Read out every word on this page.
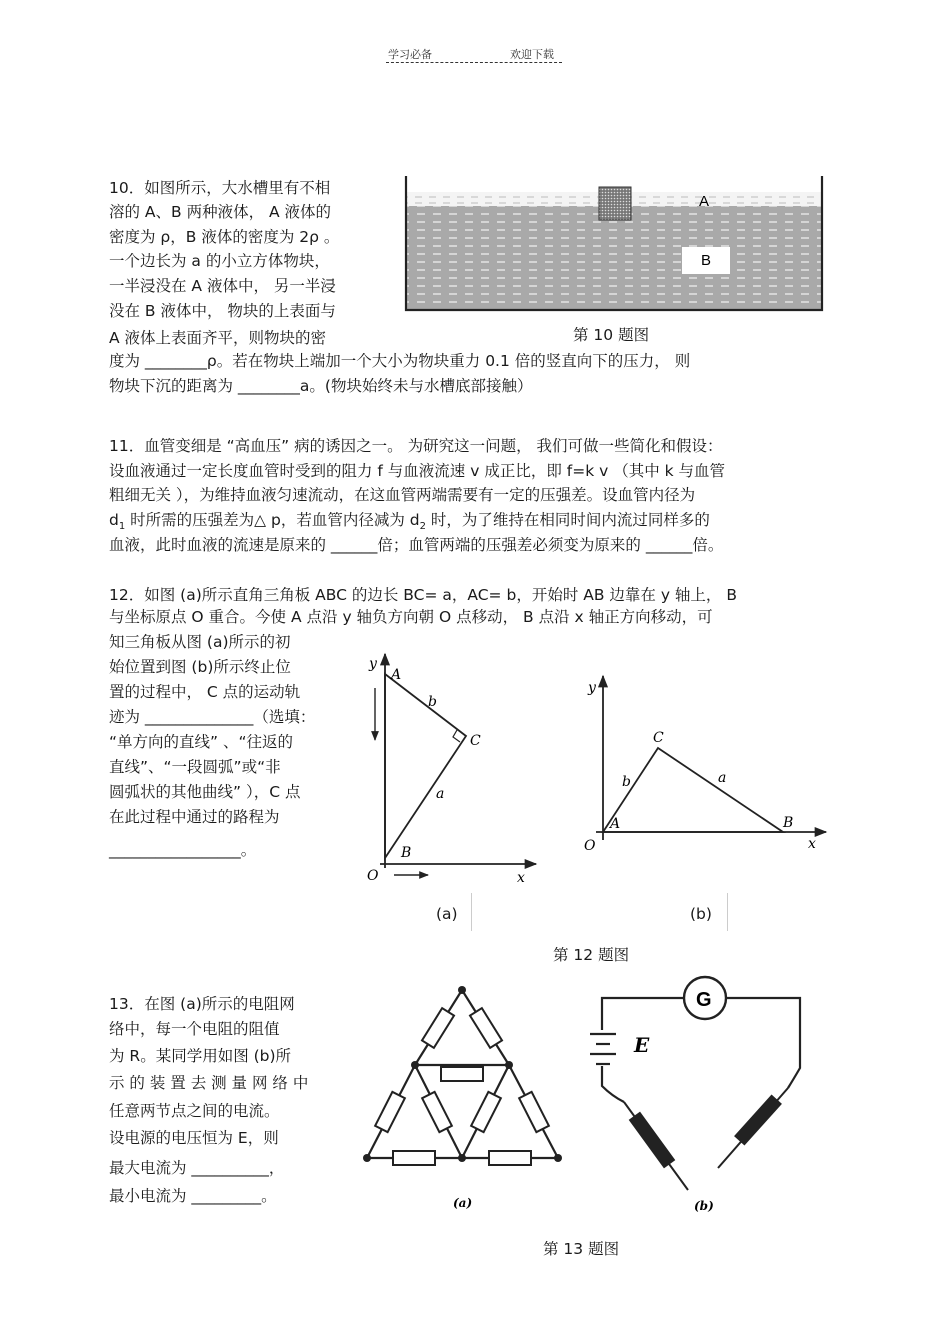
学习必备	欢迎下载
10．如图所示，大水槽里有不相
溶的 A、B 两种液体， A 液体的
密度为 ρ，B 液体的密度为 2ρ 。
一个边长为 a 的小立方体物块，
一半浸没在 A 液体中， 另一半浸
没在 B 液体中， 物块的上表面与
A 液体上表面齐平，则物块的密
度为 ________ρ。若在物块上端加一个大小为物块重力 0.1 倍的竖直向下的压力， 则
物块下沉的距离为 ________a。(物块始终未与水槽底部接触）
A
B
第 10 题图
11．血管变细是 “高血压” 病的诱因之一。 为研究这一问题， 我们可做一些简化和假设：
设血液通过一定长度血管时受到的阻力 f 与血液流速 v 成正比，即 f=k v （其中 k 与血管
粗细无关 ），为维持血液匀速流动，在这血管两端需要有一定的压强差。设血管内径为
$d_1$ 时所需的压强差为△ p，若血管内径减为 $d_2$ 时，为了维持在相同时间内流过同样多的
血液，此时血液的流速是原来的 ______倍；血管两端的压强差必须变为原来的 ______倍。
12．如图 (a)所示直角三角板 ABC 的边长 BC= a，AC= b，开始时 AB 边靠在 y 轴上， B
与坐标原点 O 重合。今使 A 点沿 y 轴负方向朝 O 点移动， B 点沿 x 轴正方向移动，可
知三角板从图 (a)所示的初
始位置到图 (b)所示终止位
置的过程中， C 点的运动轨
迹为 ______________（选填：
“单方向的直线” 、“往返的
直线”、“一段圆弧”或“非
圆弧状的其他曲线” ），C 点
在此过程中通过的路程为
_________________。
y
x
A
C
B
O
b
a
y
x
C
A	B
O
b	a
(a)	(b)
第 12 题图
13．在图 (a)所示的电阻网
络中，每一个电阻的阻值
为 R。某同学用如图 (b)所
示 的 装 置 去 测 量 网 络 中
任意两节点之间的电流。
设电源的电压恒为 E，则
最大电流为 __________，
最小电流为 _________。	(a)
G
E
(b)
第 13 题图
